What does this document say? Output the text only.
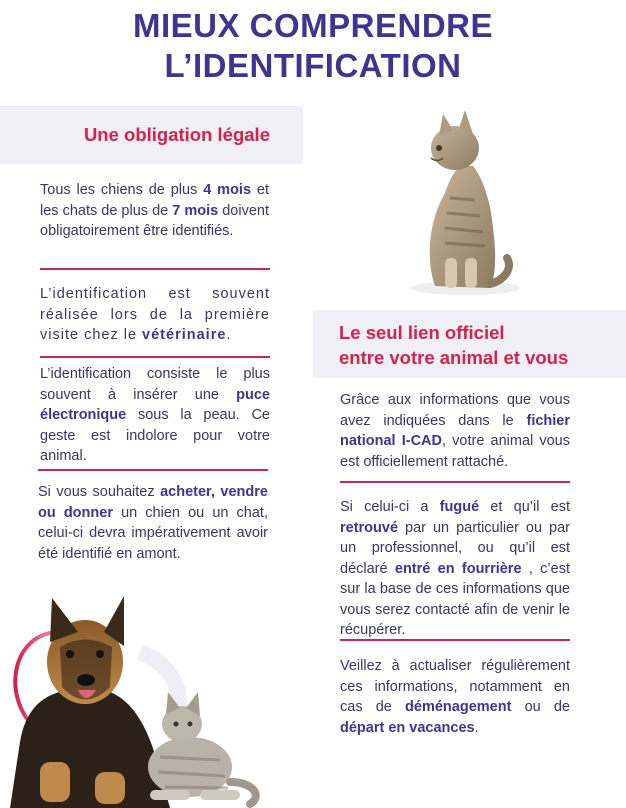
MIEUX COMPRENDRE
L’IDENTIFICATION
Une obligation légale
Tous les chiens de plus 4 mois et les chats de plus de 7 mois doivent obligatoirement être identifiés.
L’identification est souvent réalisée lors de la première visite chez le vétérinaire.
L’identification consiste le plus souvent à insérer une puce électronique sous la peau. Ce geste est indolore pour votre animal.
Si vous souhaitez acheter, vendre ou donner un chien ou un chat, celui-ci devra impérativement avoir été identifié en amont.
Le seul lien officiel
entre votre animal et vous
Grâce aux informations que vous avez indiquées dans le fichier national I-CAD, votre animal vous est officiellement rattaché.
Si celui-ci a fugué et qu’il est retrouvé par un particulier ou par un professionnel, ou qu’il est déclaré entré en fourrière , c’est sur la base de ces informations que vous serez contacté afin de venir le récupérer.
Veillez à actualiser régulièrement ces informations, notamment en cas de déménagement ou de départ en vacances.
